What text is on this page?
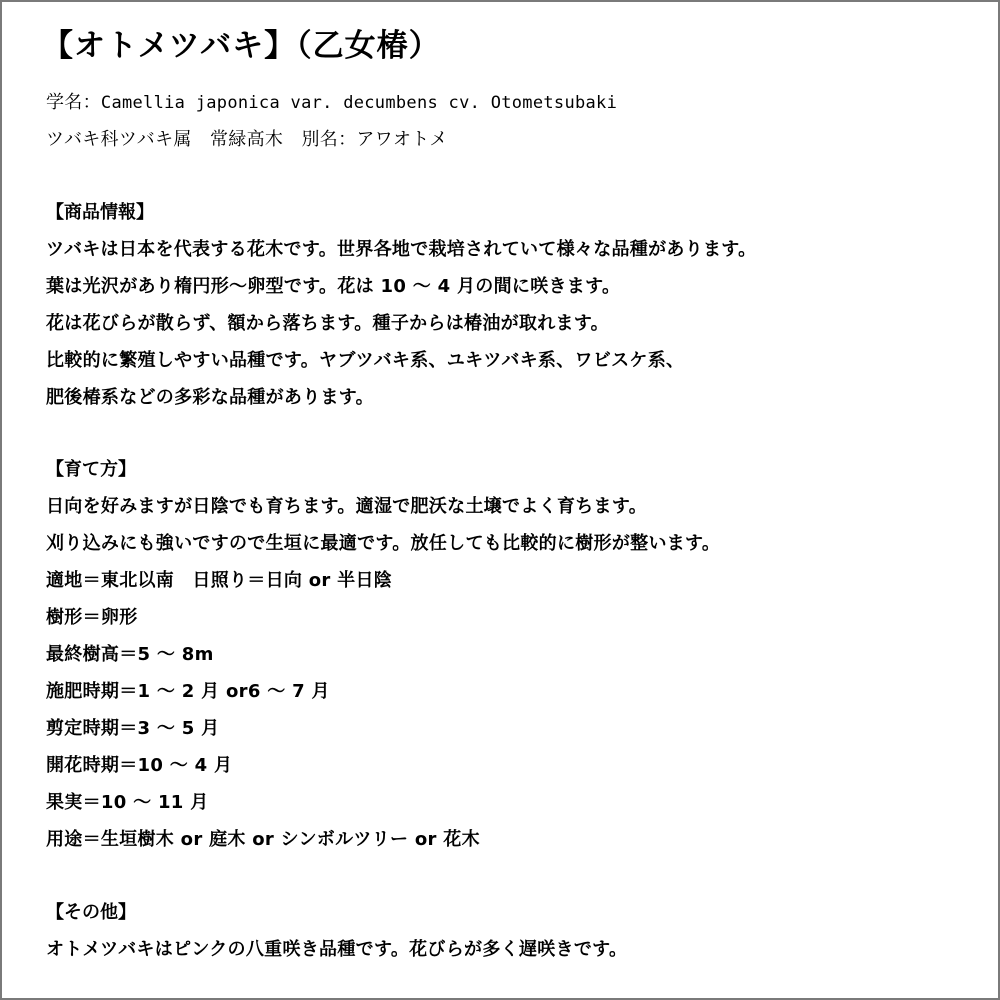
【オトメツバキ】（乙女椿）
学名：Camellia japonica var. decumbens cv. Otometsubaki
ツバキ科ツバキ属　常緑高木　別名：アワオトメ
【商品情報】
ツバキは日本を代表する花木です。世界各地で栽培されていて様々な品種があります。
葉は光沢があり楕円形～卵型です。花は 10 ～ 4 月の間に咲きます。
花は花びらが散らず、額から落ちます。種子からは椿油が取れます。
比較的に繁殖しやすい品種です。ヤブツバキ系、ユキツバキ系、ワビスケ系、
肥後椿系などの多彩な品種があります。
【育て方】
日向を好みますが日陰でも育ちます。適湿で肥沃な土壌でよく育ちます。
刈り込みにも強いですので生垣に最適です。放任しても比較的に樹形が整います。
適地＝東北以南　日照り＝日向 or 半日陰
樹形＝卵形
最終樹高＝5 ～ 8m
施肥時期＝1 ～ 2 月 or6 ～ 7 月
剪定時期＝3 ～ 5 月
開花時期＝10 ～ 4 月
果実＝10 ～ 11 月
用途＝生垣樹木 or 庭木 or シンボルツリー or 花木
【その他】
オトメツバキはピンクの八重咲き品種です。花びらが多く遅咲きです。
